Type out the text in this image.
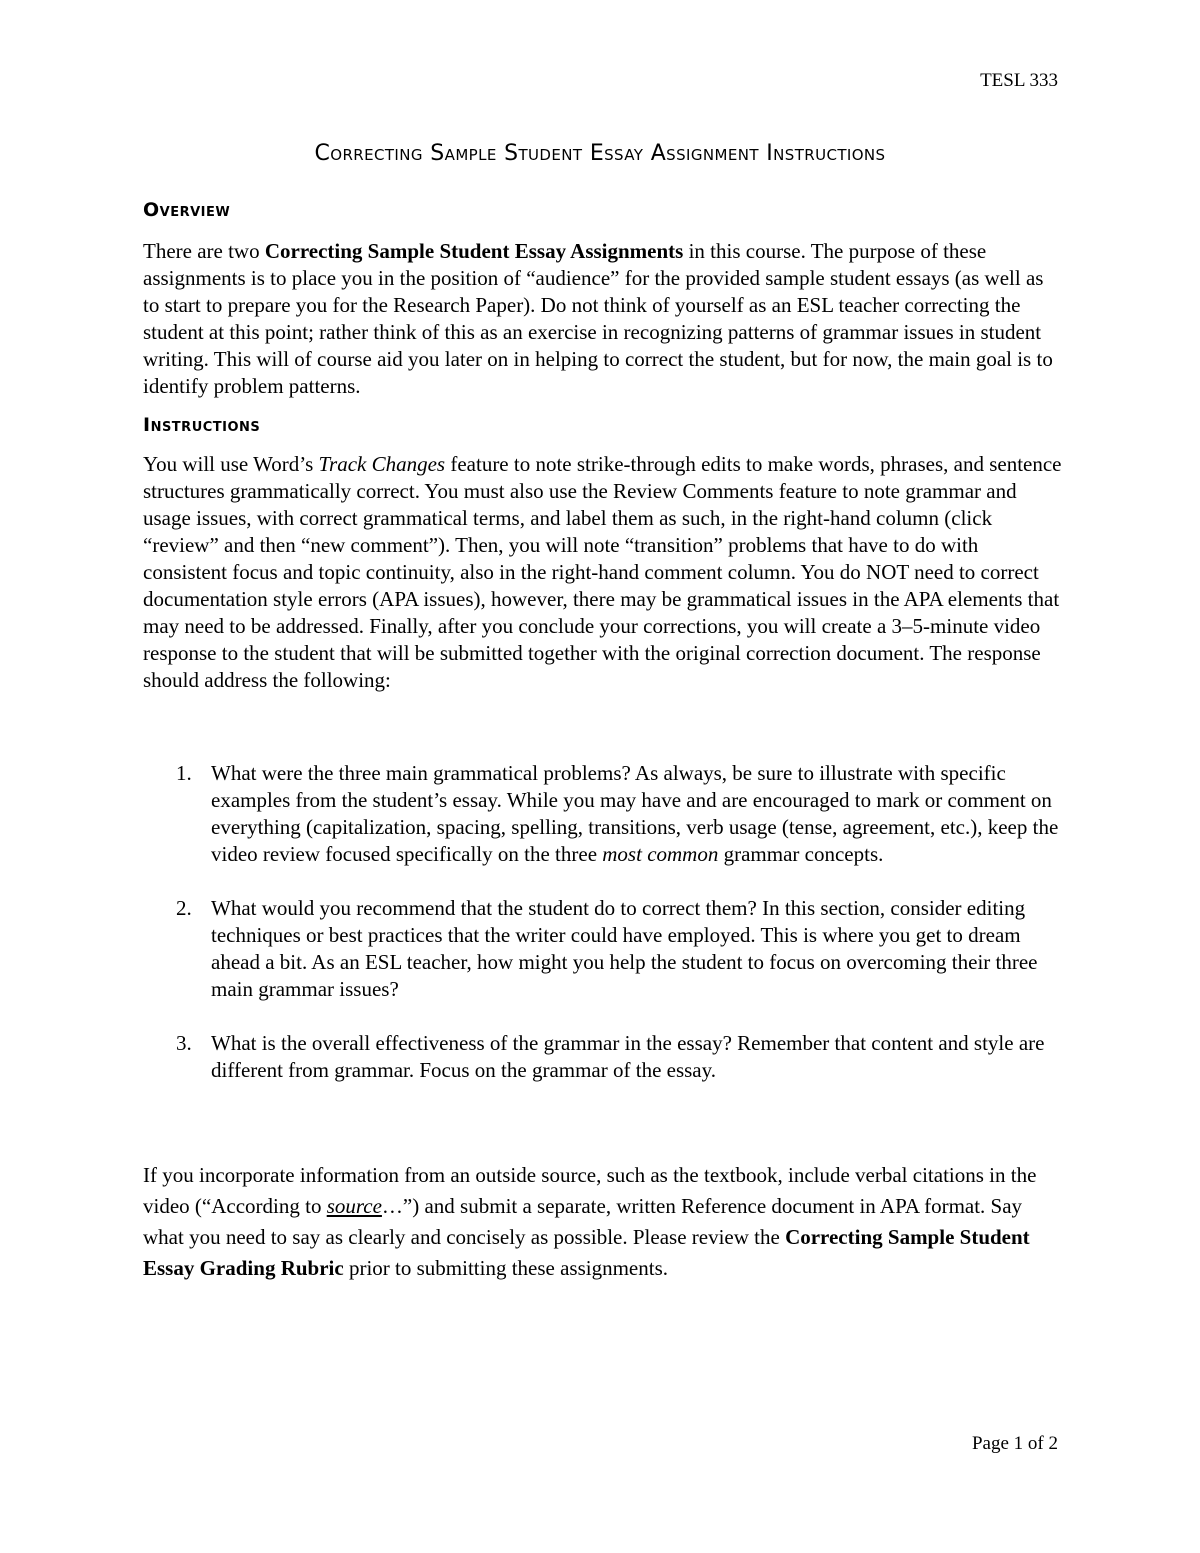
TESL 333
Correcting Sample Student Essay Assignment Instructions
Overview
There are two Correcting Sample Student Essay Assignments in this course. The purpose of these assignments is to place you in the position of “audience” for the provided sample student essays (as well as to start to prepare you for the Research Paper). Do not think of yourself as an ESL teacher correcting the student at this point; rather think of this as an exercise in recognizing patterns of grammar issues in student writing. This will of course aid you later on in helping to correct the student, but for now, the main goal is to identify problem patterns.
Instructions
You will use Word’s Track Changes feature to note strike-through edits to make words, phrases, and sentence structures grammatically correct. You must also use the Review Comments feature to note grammar and usage issues, with correct grammatical terms, and label them as such, in the right-hand column (click “review” and then “new comment”). Then, you will note “transition” problems that have to do with consistent focus and topic continuity, also in the right-hand comment column. You do NOT need to correct documentation style errors (APA issues), however, there may be grammatical issues in the APA elements that may need to be addressed. Finally, after you conclude your corrections, you will create a 3–5-minute video response to the student that will be submitted together with the original correction document. The response should address the following:
1. What were the three main grammatical problems? As always, be sure to illustrate with specific examples from the student’s essay. While you may have and are encouraged to mark or comment on everything (capitalization, spacing, spelling, transitions, verb usage (tense, agreement, etc.), keep the video review focused specifically on the three most common grammar concepts.
2. What would you recommend that the student do to correct them? In this section, consider editing techniques or best practices that the writer could have employed. This is where you get to dream ahead a bit. As an ESL teacher, how might you help the student to focus on overcoming their three main grammar issues?
3. What is the overall effectiveness of the grammar in the essay? Remember that content and style are different from grammar. Focus on the grammar of the essay.
If you incorporate information from an outside source, such as the textbook, include verbal citations in the video (“According to source…”) and submit a separate, written Reference document in APA format. Say what you need to say as clearly and concisely as possible. Please review the Correcting Sample Student Essay Grading Rubric prior to submitting these assignments.
Page 1 of 2
